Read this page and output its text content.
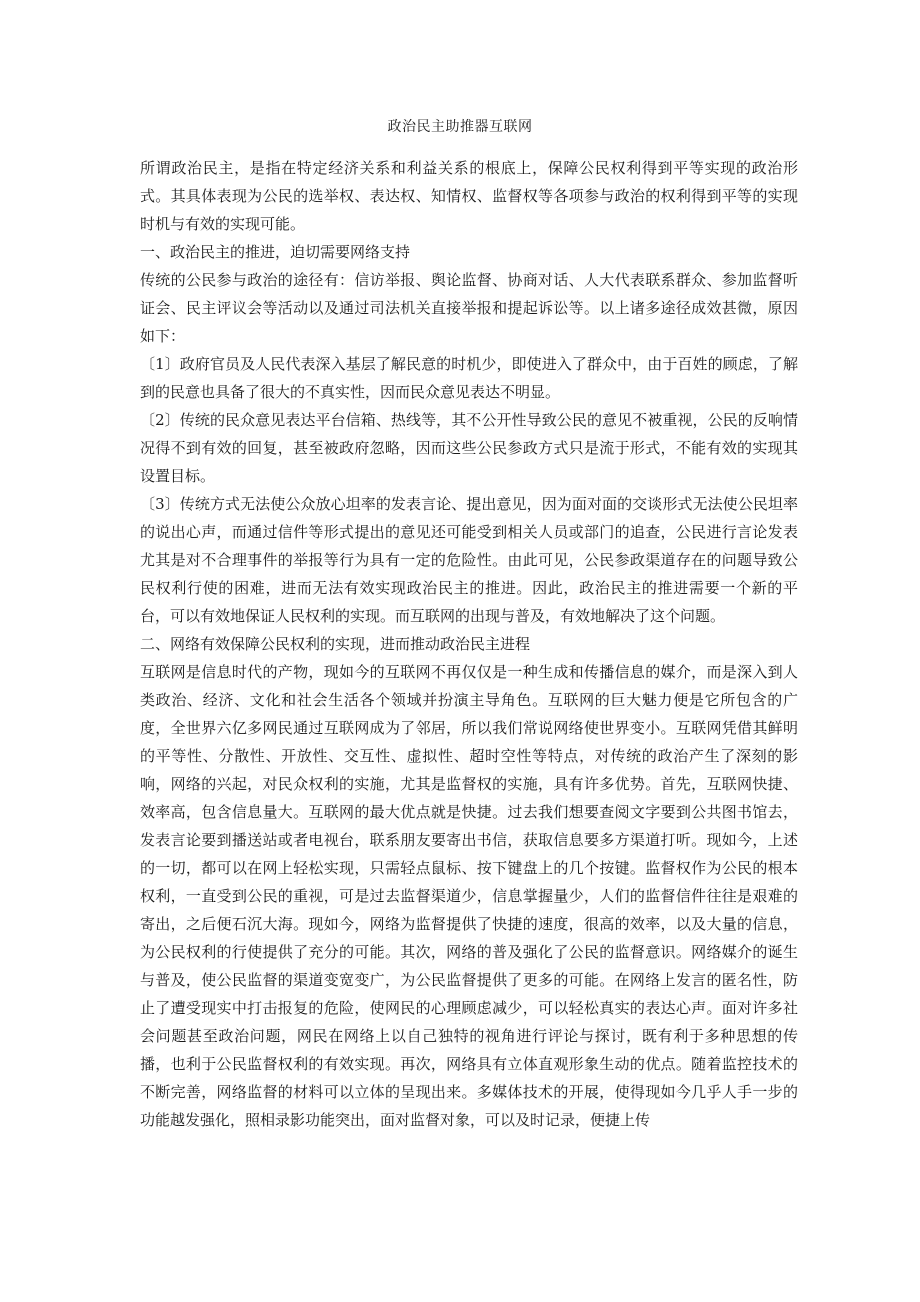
政治民主助推器互联网

所谓政治民主，是指在特定经济关系和利益关系的根底上，保障公民权利得到平等实现的政治形式。其具体表现为公民的选举权、表达权、知情权、监督权等各项参与政治的权利得到平等的实现时机与有效的实现可能。

一、政治民主的推进，迫切需要网络支持

传统的公民参与政治的途径有：信访举报、舆论监督、协商对话、人大代表联系群众、参加监督听证会、民主评议会等活动以及通过司法机关直接举报和提起诉讼等。以上诸多途径成效甚微，原因如下：

〔1〕政府官员及人民代表深入基层了解民意的时机少，即使进入了群众中，由于百姓的顾虑，了解到的民意也具备了很大的不真实性，因而民众意见表达不明显。

〔2〕传统的民众意见表达平台信箱、热线等，其不公开性导致公民的意见不被重视，公民的反响情况得不到有效的回复，甚至被政府忽略，因而这些公民参政方式只是流于形式，不能有效的实现其设置目标。

〔3〕传统方式无法使公众放心坦率的发表言论、提出意见，因为面对面的交谈形式无法使公民坦率的说出心声，而通过信件等形式提出的意见还可能受到相关人员或部门的追查，公民进行言论发表尤其是对不合理事件的举报等行为具有一定的危险性。由此可见，公民参政渠道存在的问题导致公民权利行使的困难，进而无法有效实现政治民主的推进。因此，政治民主的推进需要一个新的平台，可以有效地保证人民权利的实现。而互联网的出现与普及，有效地解决了这个问题。

二、网络有效保障公民权利的实现，进而推动政治民主进程

互联网是信息时代的产物，现如今的互联网不再仅仅是一种生成和传播信息的媒介，而是深入到人类政治、经济、文化和社会生活各个领域并扮演主导角色。互联网的巨大魅力便是它所包含的广度，全世界六亿多网民通过互联网成为了邻居，所以我们常说网络使世界变小。互联网凭借其鲜明的平等性、分散性、开放性、交互性、虚拟性、超时空性等特点，对传统的政治产生了深刻的影响，网络的兴起，对民众权利的实施，尤其是监督权的实施，具有许多优势。首先，互联网快捷、效率高，包含信息量大。互联网的最大优点就是快捷。过去我们想要查阅文字要到公共图书馆去，发表言论要到播送站或者电视台，联系朋友要寄出书信，获取信息要多方渠道打听。现如今，上述的一切，都可以在网上轻松实现，只需轻点鼠标、按下键盘上的几个按键。监督权作为公民的根本权利，一直受到公民的重视，可是过去监督渠道少，信息掌握量少，人们的监督信件往往是艰难的寄出，之后便石沉大海。现如今，网络为监督提供了快捷的速度，很高的效率，以及大量的信息，为公民权利的行使提供了充分的可能。其次，网络的普及强化了公民的监督意识。网络媒介的诞生与普及，使公民监督的渠道变宽变广，为公民监督提供了更多的可能。在网络上发言的匿名性，防止了遭受现实中打击报复的危险，使网民的心理顾虑减少，可以轻松真实的表达心声。面对许多社会问题甚至政治问题，网民在网络上以自己独特的视角进行评论与探讨，既有利于多种思想的传播，也利于公民监督权利的有效实现。再次，网络具有立体直观形象生动的优点。随着监控技术的不断完善，网络监督的材料可以立体的呈现出来。多媒体技术的开展，使得现如今几乎人手一步的　　功能越发强化，照相录影功能突出，面对监督对象，可以及时记录，便捷上传
